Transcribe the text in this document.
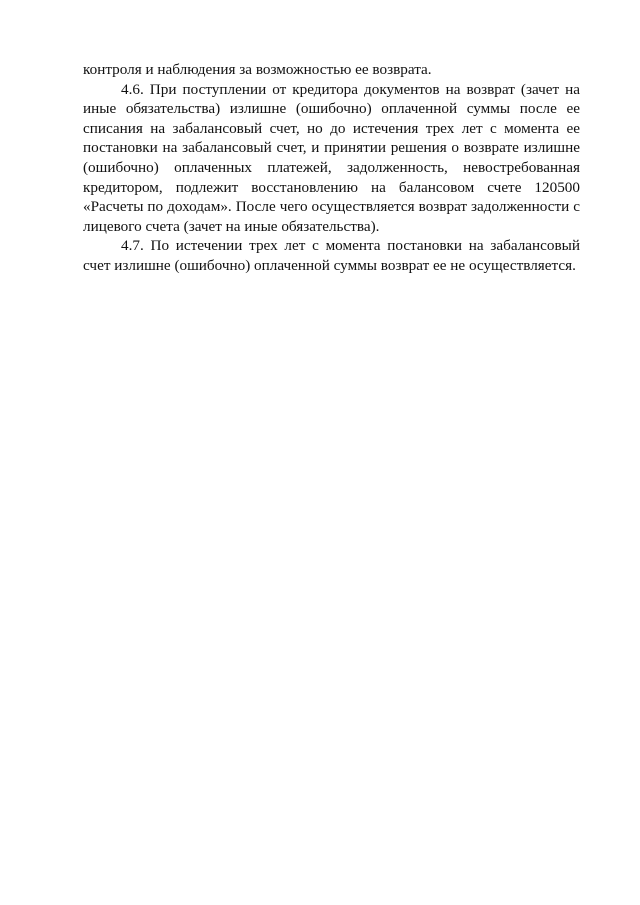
контроля и наблюдения за возможностью ее возврата.

4.6. При поступлении от кредитора документов на возврат (зачет на иные обязательства) излишне (ошибочно) оплаченной суммы после ее списания на забалансовый счет, но до истечения трех лет с момента ее постановки на забалансовый счет, и принятии решения о возврате излишне (ошибочно) оплаченных платежей, задолженность, невостребованная кредитором, подлежит восстановлению на балансовом счете 120500 «Расчеты по доходам». После чего осуществляется возврат задолженности с лицевого счета (зачет на иные обязательства).

4.7. По истечении трех лет с момента постановки на забалансовый счет излишне (ошибочно) оплаченной суммы возврат ее не осуществляется.
